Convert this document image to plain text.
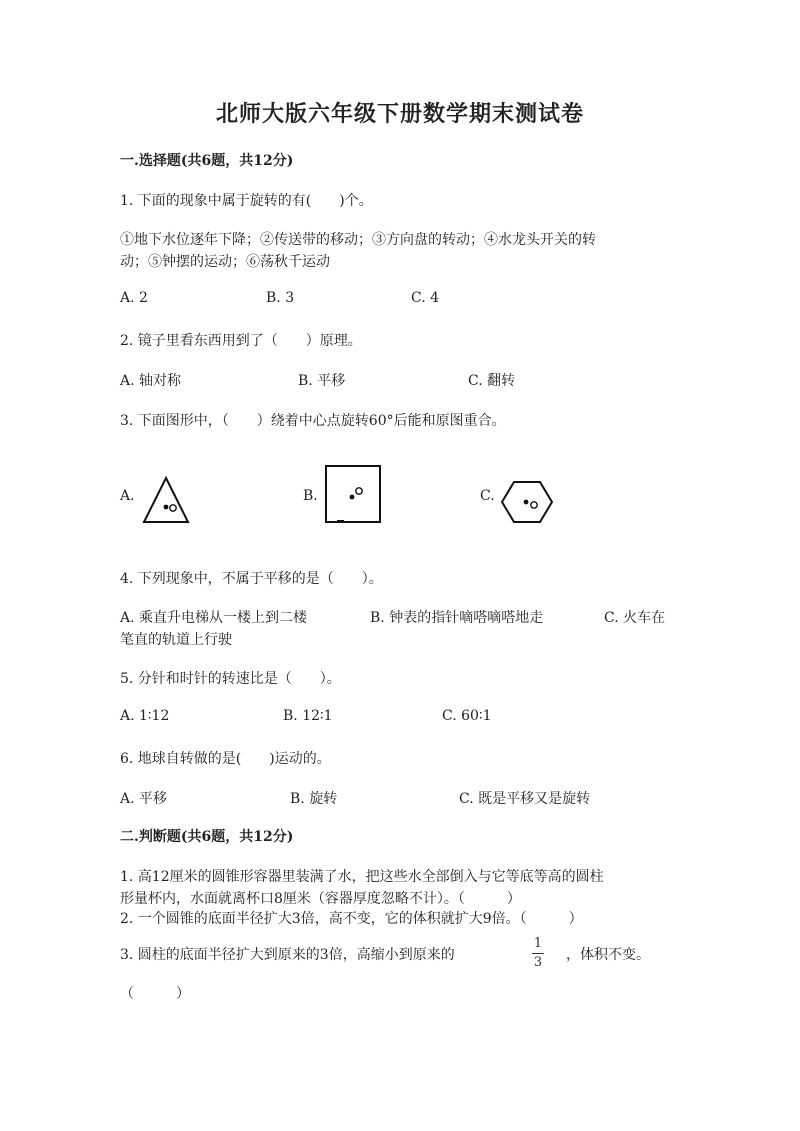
北师大版六年级下册数学期末测试卷
一.选择题(共6题，共12分)
1. 下面的现象中属于旋转的有(　　)个。
①地下水位逐年下降；②传送带的移动；③方向盘的转动；④水龙头开关的转
动；⑤钟摆的运动；⑥荡秋千运动
A. 2	B. 3	C. 4
2. 镜子里看东西用到了（　　）原理。
A. 轴对称	B. 平移	C. 翻转
3. 下面图形中，（　　）绕着中心点旋转60°后能和原图重合。
A.	B.	C.
4. 下列现象中，不属于平移的是（　　）。
A. 乘直升电梯从一楼上到二楼	B. 钟表的指针嘀嗒嘀嗒地走	C. 火车在
笔直的轨道上行驶
5. 分针和时针的转速比是（　　）。
A. 1∶12	B. 12∶1	C. 60∶1
6. 地球自转做的是(　　)运动的。
A. 平移	B. 旋转	C. 既是平移又是旋转
二.判断题(共6题，共12分)
1. 高12厘米的圆锥形容器里装满了水，把这些水全部倒入与它等底等高的圆柱
形量杯内，水面就离杯口8厘米（容器厚度忽略不计）。（　　　）
2. 一个圆锥的底面半径扩大3倍，高不变，它的体积就扩大9倍。（　　　）
3. 圆柱的底面半径扩大到原来的3倍，高缩小到原来的
1
3	，体积不变。
（　　　）
